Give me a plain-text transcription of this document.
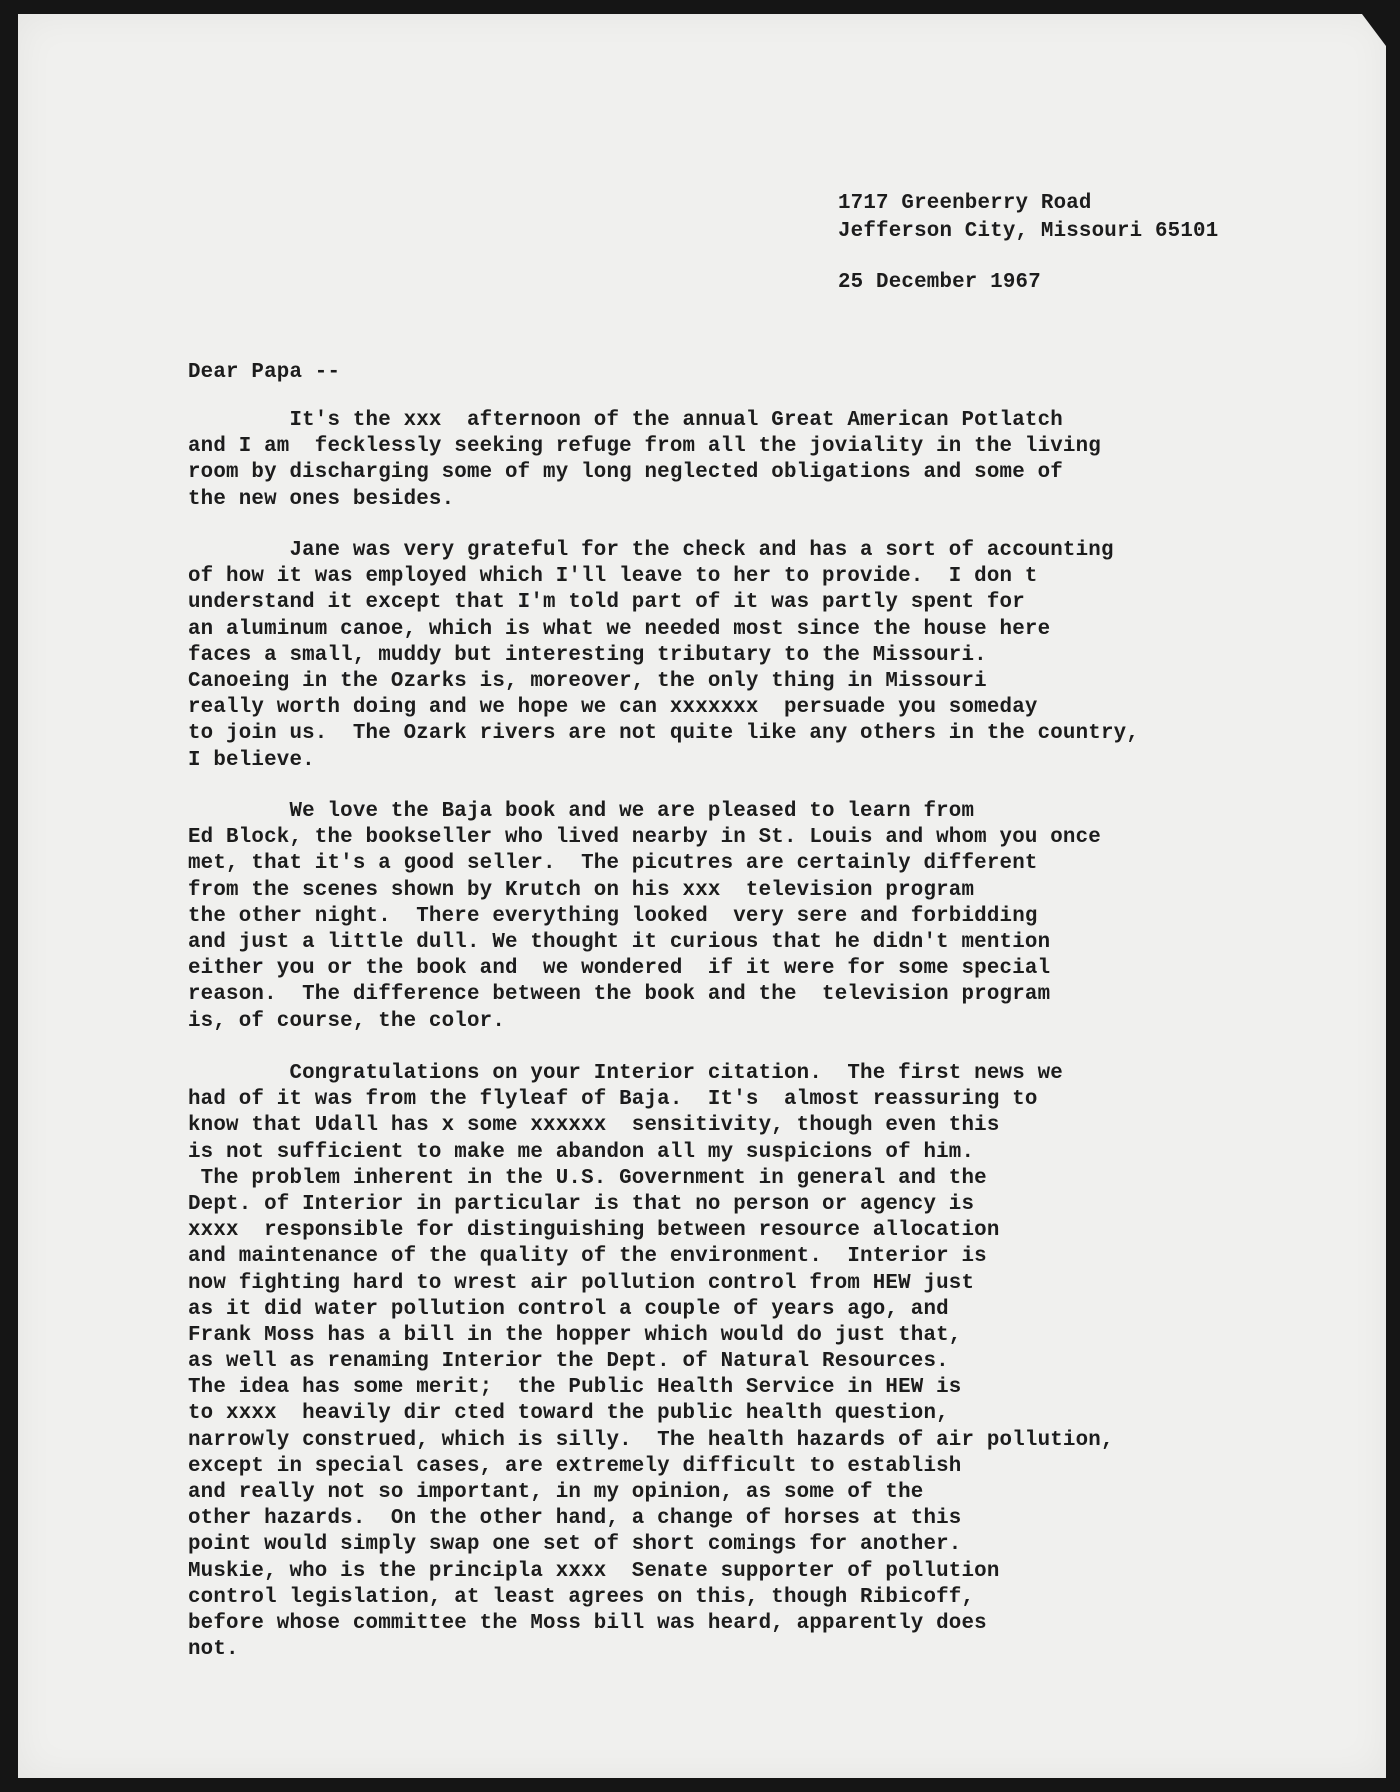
1717 Greenberry Road
Jefferson City, Missouri 65101
25 December 1967
Dear Papa --
It's the xxx  afternoon of the annual Great American Potlatch
and I am  fecklessly seeking refuge from all the joviality in the living
room by discharging some of my long neglected obligations and some of
the new ones besides.
Jane was very grateful for the check and has a sort of accounting
of how it was employed which I'll leave to her to provide.  I don t
understand it except that I'm told part of it was partly spent for
an aluminum canoe, which is what we needed most since the house here
faces a small, muddy but interesting tributary to the Missouri.
Canoeing in the Ozarks is, moreover, the only thing in Missouri
really worth doing and we hope we can xxxxxxx  persuade you someday
to join us.  The Ozark rivers are not quite like any others in the country,
I believe.
We love the Baja book and we are pleased to learn from
Ed Block, the bookseller who lived nearby in St. Louis and whom you once
met, that it's a good seller.  The picutres are certainly different
from the scenes shown by Krutch on his xxx  television program
the other night.  There everything looked  very sere and forbidding
and just a little dull. We thought it curious that he didn't mention
either you or the book and  we wondered  if it were for some special
reason.  The difference between the book and the  television program
is, of course, the color.
Congratulations on your Interior citation.  The first news we
had of it was from the flyleaf of Baja.  It's  almost reassuring to
know that Udall has x some xxxxxx  sensitivity, though even this
is not sufficient to make me abandon all my suspicions of him.
The problem inherent in the U.S. Government in general and the
Dept. of Interior in particular is that no person or agency is
xxxx  responsible for distinguishing between resource allocation
and maintenance of the quality of the environment.  Interior is
now fighting hard to wrest air pollution control from HEW just
as it did water pollution control a couple of years ago, and
Frank Moss has a bill in the hopper which would do just that,
as well as renaming Interior the Dept. of Natural Resources.
The idea has some merit;  the Public Health Service in HEW is
to xxxx  heavily dir cted toward the public health question,
narrowly construed, which is silly.  The health hazards of air pollution,
except in special cases, are extremely difficult to establish
and really not so important, in my opinion, as some of the
other hazards.  On the other hand, a change of horses at this
point would simply swap one set of short comings for another.
Muskie, who is the principla xxxx  Senate supporter of pollution
control legislation, at least agrees on this, though Ribicoff,
before whose committee the Moss bill was heard, apparently does
not.
